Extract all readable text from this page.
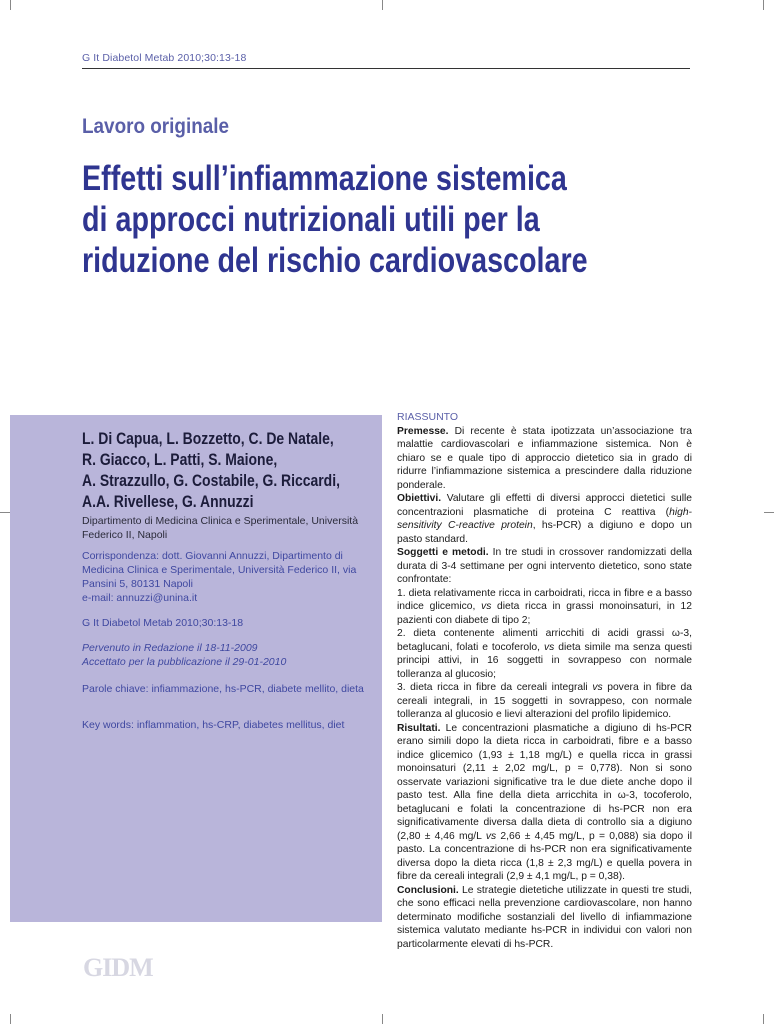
G It Diabetol Metab 2010;30:13-18
Lavoro originale
Effetti sull’infiammazione sistemica
di approcci nutrizionali utili per la
riduzione del rischio cardiovascolare
L. Di Capua, L. Bozzetto, C. De Natale,
R. Giacco, L. Patti, S. Maione,
A. Strazzullo, G. Costabile, G. Riccardi,
A.A. Rivellese, G. Annuzzi
Dipartimento di Medicina Clinica e Sperimentale, Università Federico II, Napoli
Corrispondenza: dott. Giovanni Annuzzi, Dipartimento di Medicina Clinica e Sperimentale, Università Federico II, via Pansini 5, 80131 Napoli
e-mail: annuzzi@unina.it
G It Diabetol Metab 2010;30:13-18
Pervenuto in Redazione il 18-11-2009
Accettato per la pubblicazione il 29-01-2010
Parole chiave: infiammazione, hs-PCR, diabete mellito, dieta
Key words: inflammation, hs-CRP, diabetes mellitus, diet
RIASSUNTO

Premesse. Di recente è stata ipotizzata un’associazione tra malattie cardiovascolari e infiammazione sistemica. Non è chiaro se e quale tipo di approccio dietetico sia in grado di ridurre l’infiammazione sistemica a prescindere dalla riduzione ponderale.

Obiettivi. Valutare gli effetti di diversi approcci dietetici sulle concentrazioni plasmatiche di proteina C reattiva (high-sensitivity C-reactive protein, hs-PCR) a digiuno e dopo un pasto standard.

Soggetti e metodi. In tre studi in crossover randomizzati della durata di 3-4 settimane per ogni intervento dietetico, sono state confrontate:

1. dieta relativamente ricca in carboidrati, ricca in fibre e a basso indice glicemico, vs dieta ricca in grassi monoinsaturi, in 12 pazienti con diabete di tipo 2;

2. dieta contenente alimenti arricchiti di acidi grassi ω-3, betaglucani, folati e tocoferolo, vs dieta simile ma senza questi principi attivi, in 16 soggetti in sovrappeso con normale tolleranza al glucosio;

3. dieta ricca in fibre da cereali integrali vs povera in fibre da cereali integrali, in 15 soggetti in sovrappeso, con normale tolleranza al glucosio e lievi alterazioni del profilo lipidemico.

Risultati. Le concentrazioni plasmatiche a digiuno di hs-PCR erano simili dopo la dieta ricca in carboidrati, fibre e a basso indice glicemico (1,93 ± 1,18 mg/L) e quella ricca in grassi monoinsaturi (2,11 ± 2,02 mg/L, p = 0,778). Non si sono osservate variazioni significative tra le due diete anche dopo il pasto test. Alla fine della dieta arricchita in ω-3, tocoferolo, betaglucani e folati la concentrazione di hs-PCR non era significativamente diversa dalla dieta di controllo sia a digiuno (2,80 ± 4,46 mg/L vs 2,66 ± 4,45 mg/L, p = 0,088) sia dopo il pasto. La concentrazione di hs-PCR non era significativamente diversa dopo la dieta ricca (1,8 ± 2,3 mg/L) e quella povera in fibre da cereali integrali (2,9 ± 4,1 mg/L, p = 0,38).

Conclusioni. Le strategie dietetiche utilizzate in questi tre studi, che sono efficaci nella prevenzione cardiovascolare, non hanno determinato modifiche sostanziali del livello di infiammazione sistemica valutato mediante hs-PCR in individui con valori non particolarmente elevati di hs-PCR.

GIDM
